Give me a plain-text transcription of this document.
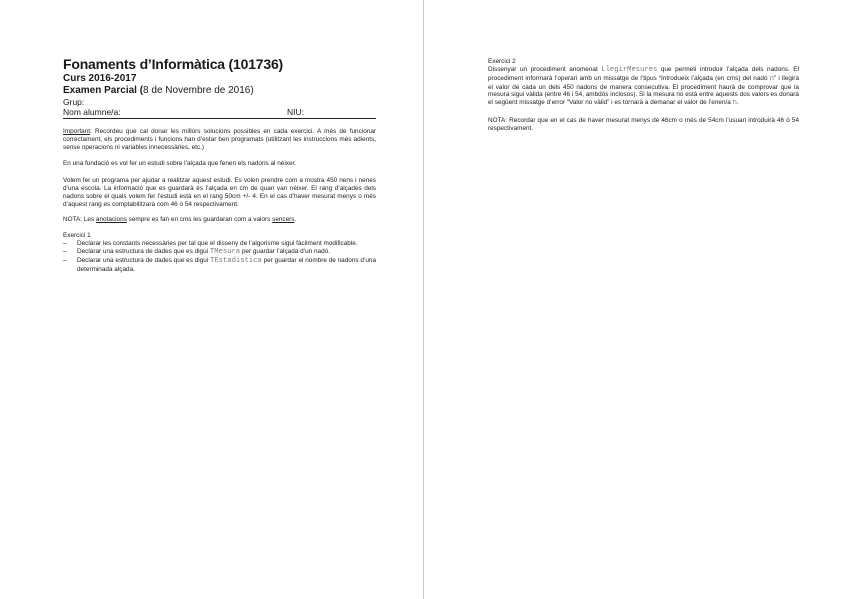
Fonaments d’Informàtica (101736)

Curs 2016-2017

Examen Parcial (8 de Novembre de 2016)

Grup:

Nom alumne/a:	NIU:

Important: Recordeu que cal donar les millors solucions possibles en cada exercici. A més de funcionar correctament, els procediments i funcions han d’estar ben programats (utilitzant les instruccions més adients, sense operacions ni variables innecessàries, etc.)

En una fundació es vol fer un estudi sobre l’alçada que fenen els nadons al néixer.

Volem fer un programa per ajudar a realitzar aquest estudi. Es volen prendre com a mostra 450 nens i nenes d’una escola. La informació que es guardarà és l’alçada en cm de quan van néixer. El rang d’alçades dels nadons sobre el quals volem fer l’estudi està en el rang 50cm +/- 4. En el cas d’haver mesurat menys o més d’aquest rang es comptabilitzarà com 46 ó 54 respectivament.

NOTA: Les anotacions sempre es fan en cms les guardaran com a valors sencers.

Exercici 1

– Declarar les constants necessàries per tal que el disseny de l’algorisme sigui fàcilment modificable.
– Declarar una estructura de dades que es digui TMesura per guardar l’alçada d’un nadó.
– Declarar una estructura de dades que es digui TEstadistica per guardar el nombre de nadons d’una determinada alçada.

Exercici 2

Dissenyar un procediment anomenat LlegirMesures que permeti introduir l’alçada dels nadons. El procediment informarà l’operari amb un missatge de l’tipus “Introdueix l’alçada (en cms) del nadó n” i llegirà el valor de cada un dels 450 nadons de manera consecutiva. El procediment haurà de comprovar que la mesura sigui vàlida (entre 46 i 54, ambdós inclosos). Si la mesura no està entre aquests dos valors es donarà el següent missatge d’error “Valor no vàlid” i es tornarà a demanar el valor de l’enen/a n.

NOTA: Recordar que en el cas de haver mesurat menys de 46cm o més de 54cm l’usuari introduirà 46 ó 54 respectivament.
